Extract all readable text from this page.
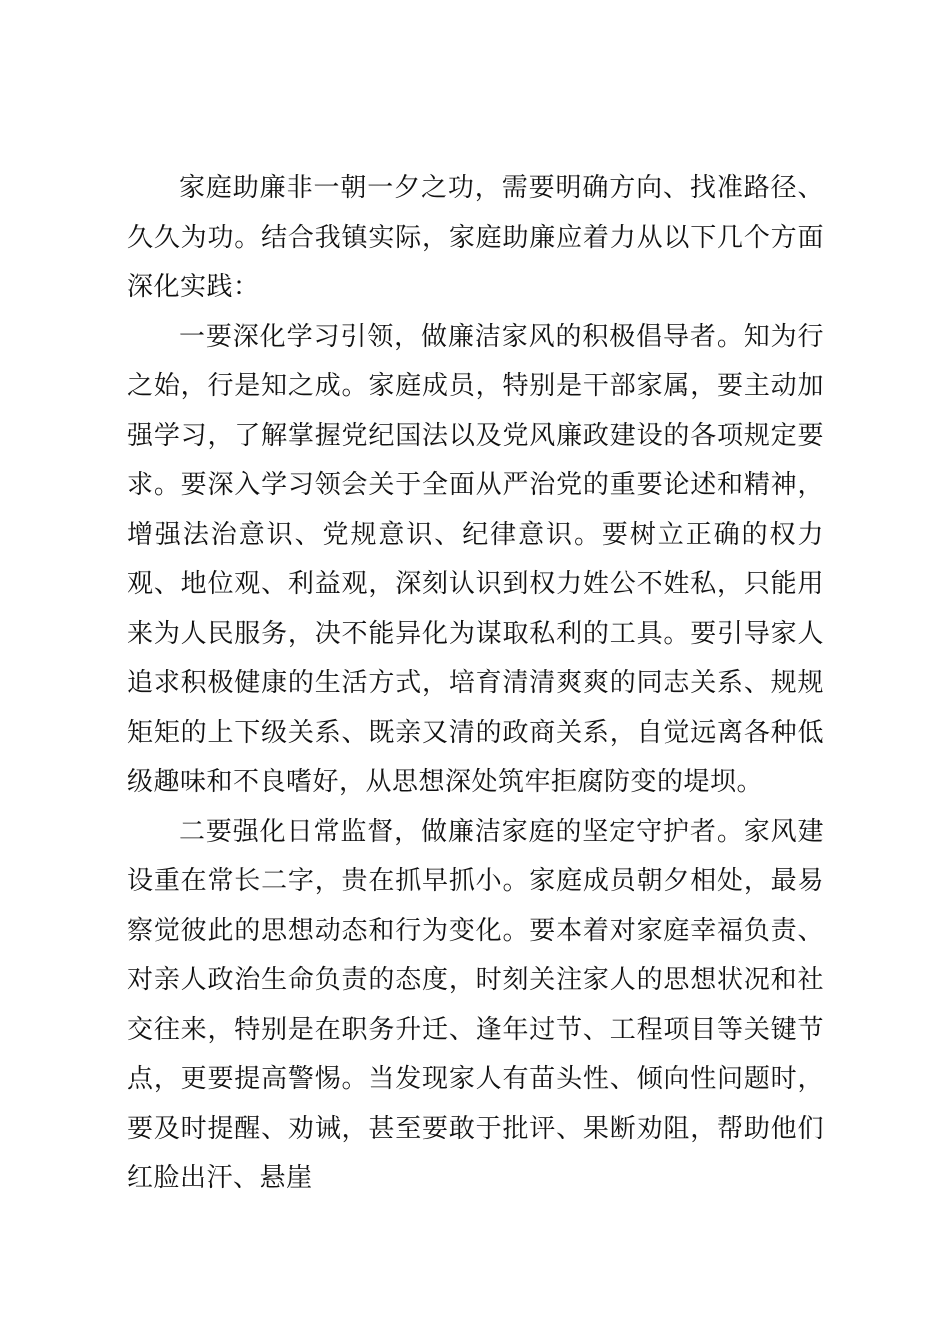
家庭助廉非一朝一夕之功，需要明确方向、找准路径、久久为功。结合我镇实际，家庭助廉应着力从以下几个方面深化实践：

一要深化学习引领，做廉洁家风的积极倡导者。知为行之始，行是知之成。家庭成员，特别是干部家属，要主动加强学习，了解掌握党纪国法以及党风廉政建设的各项规定要求。要深入学习领会关于全面从严治党的重要论述和精神，增强法治意识、党规意识、纪律意识。要树立正确的权力观、地位观、利益观，深刻认识到权力姓公不姓私，只能用来为人民服务，决不能异化为谋取私利的工具。要引导家人追求积极健康的生活方式，培育清清爽爽的同志关系、规规矩矩的上下级关系、既亲又清的政商关系，自觉远离各种低级趣味和不良嗜好，从思想深处筑牢拒腐防变的堤坝。

二要强化日常监督，做廉洁家庭的坚定守护者。家风建设重在常长二字，贵在抓早抓小。家庭成员朝夕相处，最易察觉彼此的思想动态和行为变化。要本着对家庭幸福负责、对亲人政治生命负责的态度，时刻关注家人的思想状况和社交往来，特别是在职务升迁、逢年过节、工程项目等关键节点，更要提高警惕。当发现家人有苗头性、倾向性问题时，要及时提醒、劝诫，甚至要敢于批评、果断劝阻，帮助他们红脸出汗、悬崖
